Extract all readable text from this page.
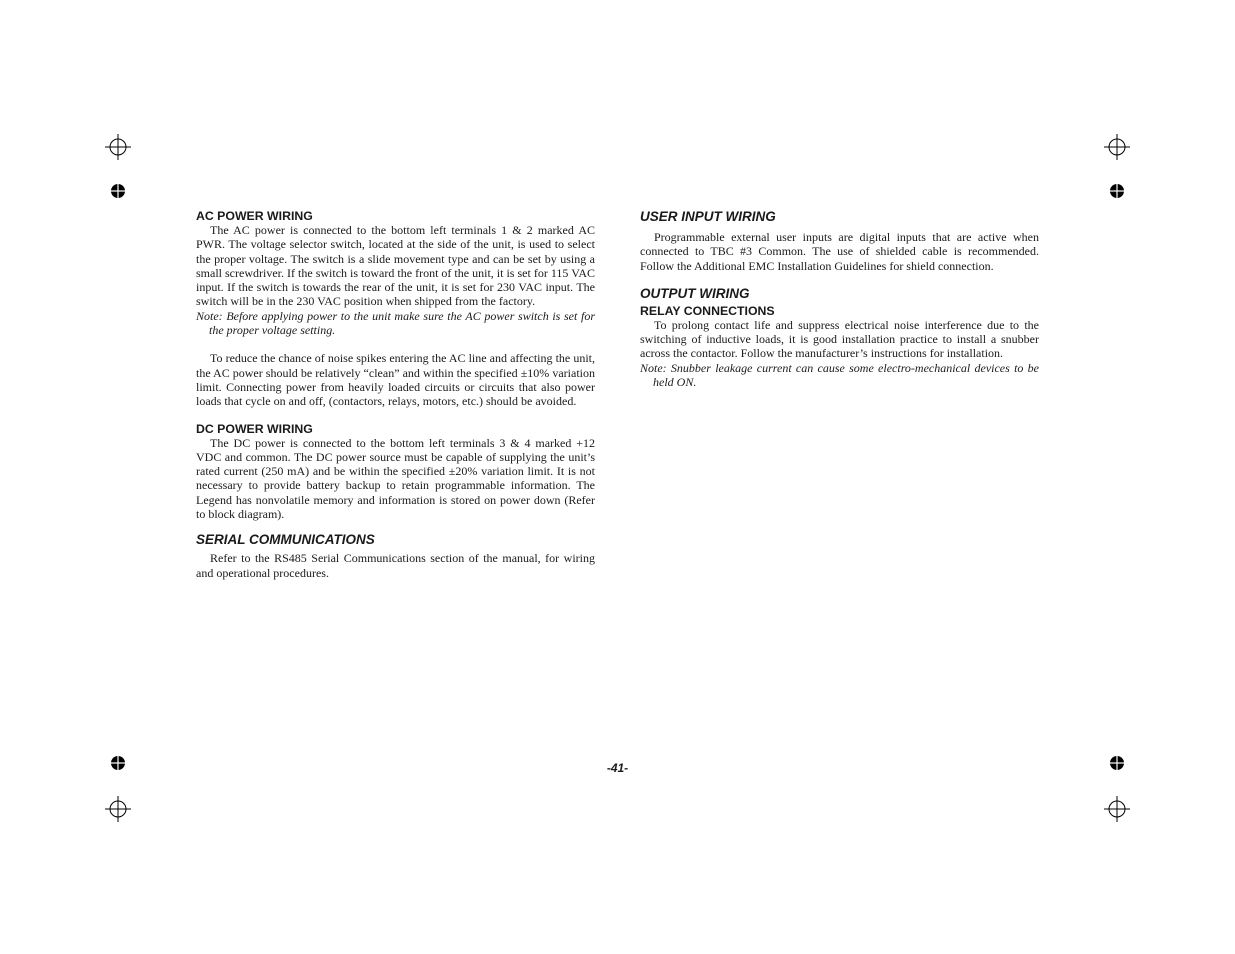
AC POWER WIRING

The AC power is connected to the bottom left terminals 1 & 2 marked AC PWR. The voltage selector switch, located at the side of the unit, is used to select the proper voltage. The switch is a slide movement type and can be set by using a small screwdriver. If the switch is toward the front of the unit, it is set for 115 VAC input. If the switch is towards the rear of the unit, it is set for 230 VAC input. The switch will be in the 230 VAC position when shipped from the factory.

Note: Before applying power to the unit make sure the AC power switch is set for the proper voltage setting.

To reduce the chance of noise spikes entering the AC line and affecting the unit, the AC power should be relatively “clean” and within the specified ±10% variation limit. Connecting power from heavily loaded circuits or circuits that also power loads that cycle on and off, (contactors, relays, motors, etc.) should be avoided.

DC POWER WIRING

The DC power is connected to the bottom left terminals 3 & 4 marked +12 VDC and common. The DC power source must be capable of supplying the unit’s rated current (250 mA) and be within the specified ±20% variation limit. It is not necessary to provide battery backup to retain programmable information. The Legend has nonvolatile memory and information is stored on power down (Refer to block diagram).

SERIAL COMMUNICATIONS

Refer to the RS485 Serial Communications section of the manual, for wiring and operational procedures.

USER INPUT WIRING

Programmable external user inputs are digital inputs that are active when connected to TBC #3 Common. The use of shielded cable is recommended. Follow the Additional EMC Installation Guidelines for shield connection.

OUTPUT WIRING
RELAY CONNECTIONS

To prolong contact life and suppress electrical noise interference due to the switching of inductive loads, it is good installation practice to install a snubber across the contactor. Follow the manufacturer’s instructions for installation.

Note: Snubber leakage current can cause some electro-mechanical devices to be held ON.

-41-
